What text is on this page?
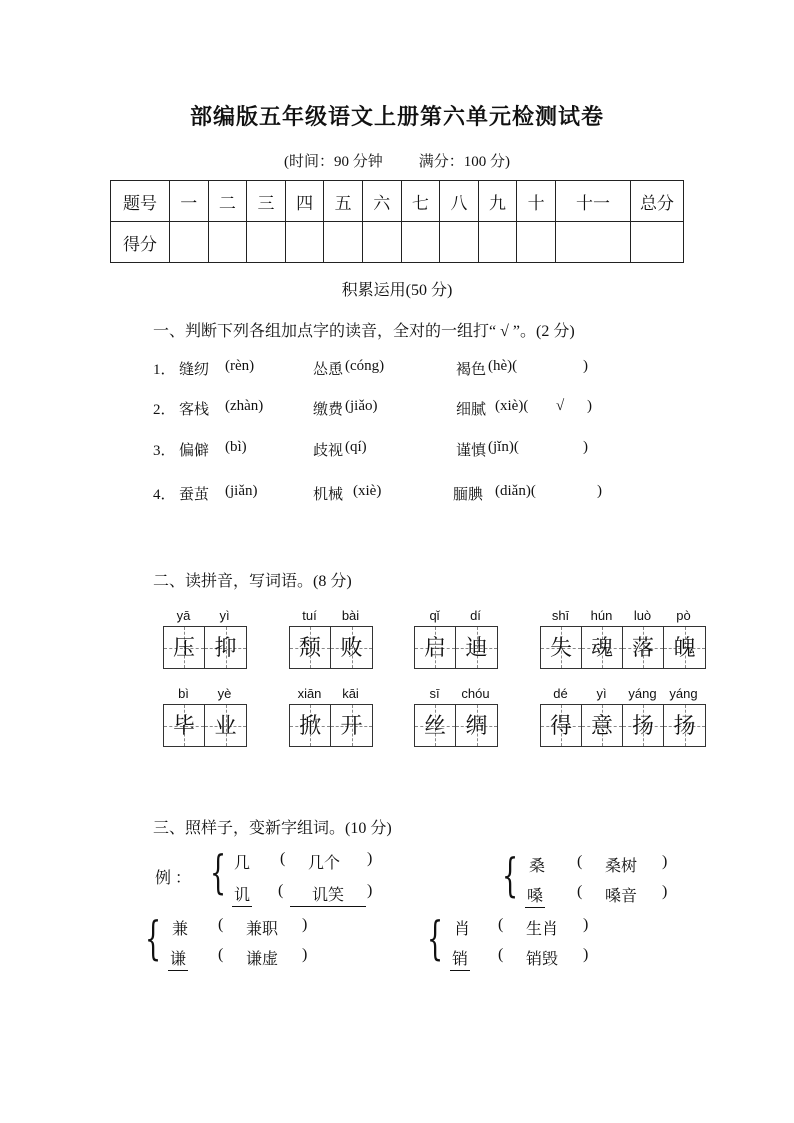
部编版五年级语文上册第六单元检测试卷
(时间：90 分钟 满分：100 分)
题号	一	二	三	四	五	六	七	八	九	十	十一	总分
得分												
积累运用(50 分)
一、判断下列各组加点字的读音，全对的一组打“ √ ”。(2 分)
1． 缝纫 (rèn)	怂恿 (cóng)	褐色 (hè)(	)
2． 客栈 (zhàn)	缴费 (jiǎo)	细腻 (xiè)( √ )
3． 偏僻 (bì)	歧视 (qí)	谨慎 (jǐn)(	)
4． 蚕茧 (jiǎn)	机械 (xiè)	腼腆 (diǎn)(	)
二、读拼音，写词语。(8 分)
yā	yì
压 抑
tuí	bài
颓 败
qǐ	dí
启 迪
shī	hún	luò	pò
失 魂 落 魄
bì	yè
毕 业
xiān	kāi
掀 开
sī	chóu
丝 绸
dé	yì	yáng yáng
得 意 扬 扬
三、照样子，变新字组词。(10 分)
例 ： { 几 ( 几个 )
讥 (	讥笑	)	{ 桑 ( 桑树 )
嗓 ( 嗓音 )
{ 兼 ( 兼职 )
谦 ( 谦虚 )	{ 肖 ( 生肖 )
销 ( 销毁 )
